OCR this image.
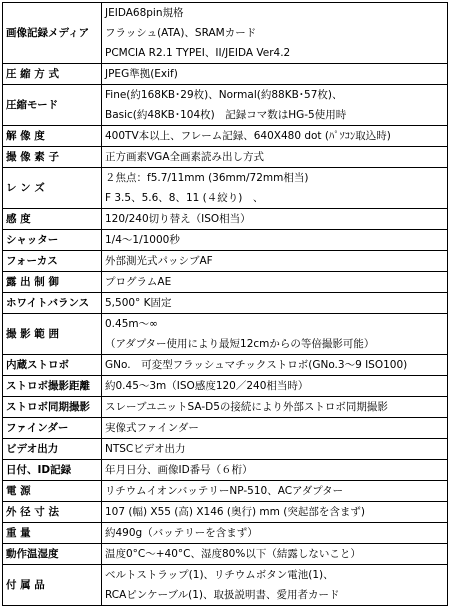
画像記録メディア	JEIDA68pin規格
フラッシュ(ATA)、SRAMカード
PCMCIA R2.1 TYPEI、II/JEIDA Ver4.2

圧 縮 方 式	JPEG準拠(Exif)

圧縮モード	Fine(約168KB･29枚)、Normal(約88KB･57枚)、
Basic(約48KB･104枚)　記録コマ数はHG-5使用時

解 像 度	400TV本以上、フレーム記録、640X480 dot (ﾊﾟｿｺﾝ取込時)

撮 像 素 子	正方画素VGA全画素読み出し方式

レ ン ズ	２焦点：f5.7/11mm (36mm/72mm相当)
F 3.5、5.6、8、11 (４絞り)　、

感 度	120/240切り替え（ISO相当）

シャッター	1/4～1/1000秒

フォーカス	外部測光式パッシブAF

露 出 制 御	プログラムAE

ホワイトバランス	5,500° K固定

撮 影 範 囲	0.45m～∞
（アダプター使用により最短12cmからの等倍撮影可能）

内蔵ストロボ	GNo.　可変型フラッシュマチックストロボ(GNo.3～9 ISO100)

ストロボ撮影距離	約0.45～3m（ISO感度120／240相当時）

ストロボ同期撮影	スレーブユニットSA-D5の接続により外部ストロボ同期撮影

ファインダー	実像式ファインダー

ビデオ出力	NTSCビデオ出力

日付、ID記録	年月日分、画像ID番号（６桁）

電 源	リチウムイオンバッテリーNP-510、ACアダプター

外 径 寸 法	107 (幅) X55 (高) X146 (奥行) mm (突起部を含まず)

重 量	約490g（バッテリーを含まず）

動作温湿度	温度0°C～+40°C、湿度80%以下（結露しないこと）

付 属 品	ベルトストラップ(1)、リチウムボタン電池(1)、
RCAピンケーブル(1)、取扱説明書、愛用者カード
